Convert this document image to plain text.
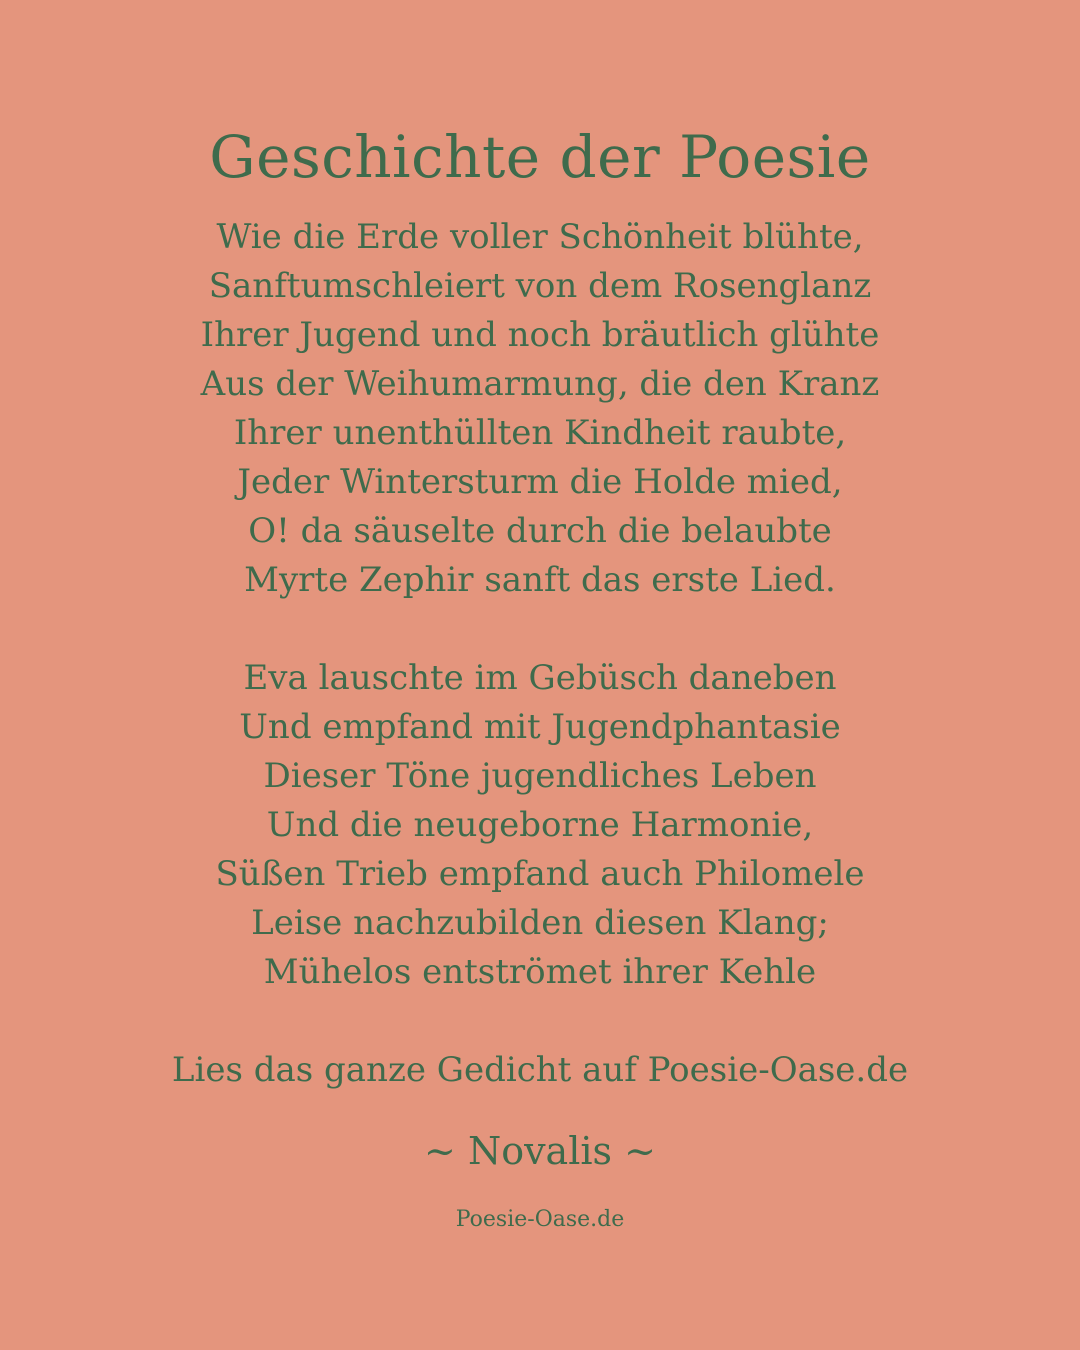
Geschichte der Poesie
Wie die Erde voller Schönheit blühte,
Sanftumschleiert von dem Rosenglanz
Ihrer Jugend und noch bräutlich glühte
Aus der Weihumarmung, die den Kranz
Ihrer unenthüllten Kindheit raubte,
Jeder Wintersturm die Holde mied,
O! da säuselte durch die belaubte
Myrte Zephir sanft das erste Lied.
Eva lauschte im Gebüsch daneben
Und empfand mit Jugendphantasie
Dieser Töne jugendliches Leben
Und die neugeborne Harmonie,
Süßen Trieb empfand auch Philomele
Leise nachzubilden diesen Klang;
Mühelos entströmet ihrer Kehle
Lies das ganze Gedicht auf Poesie-Oase.de
~ Novalis ~
Poesie-Oase.de
